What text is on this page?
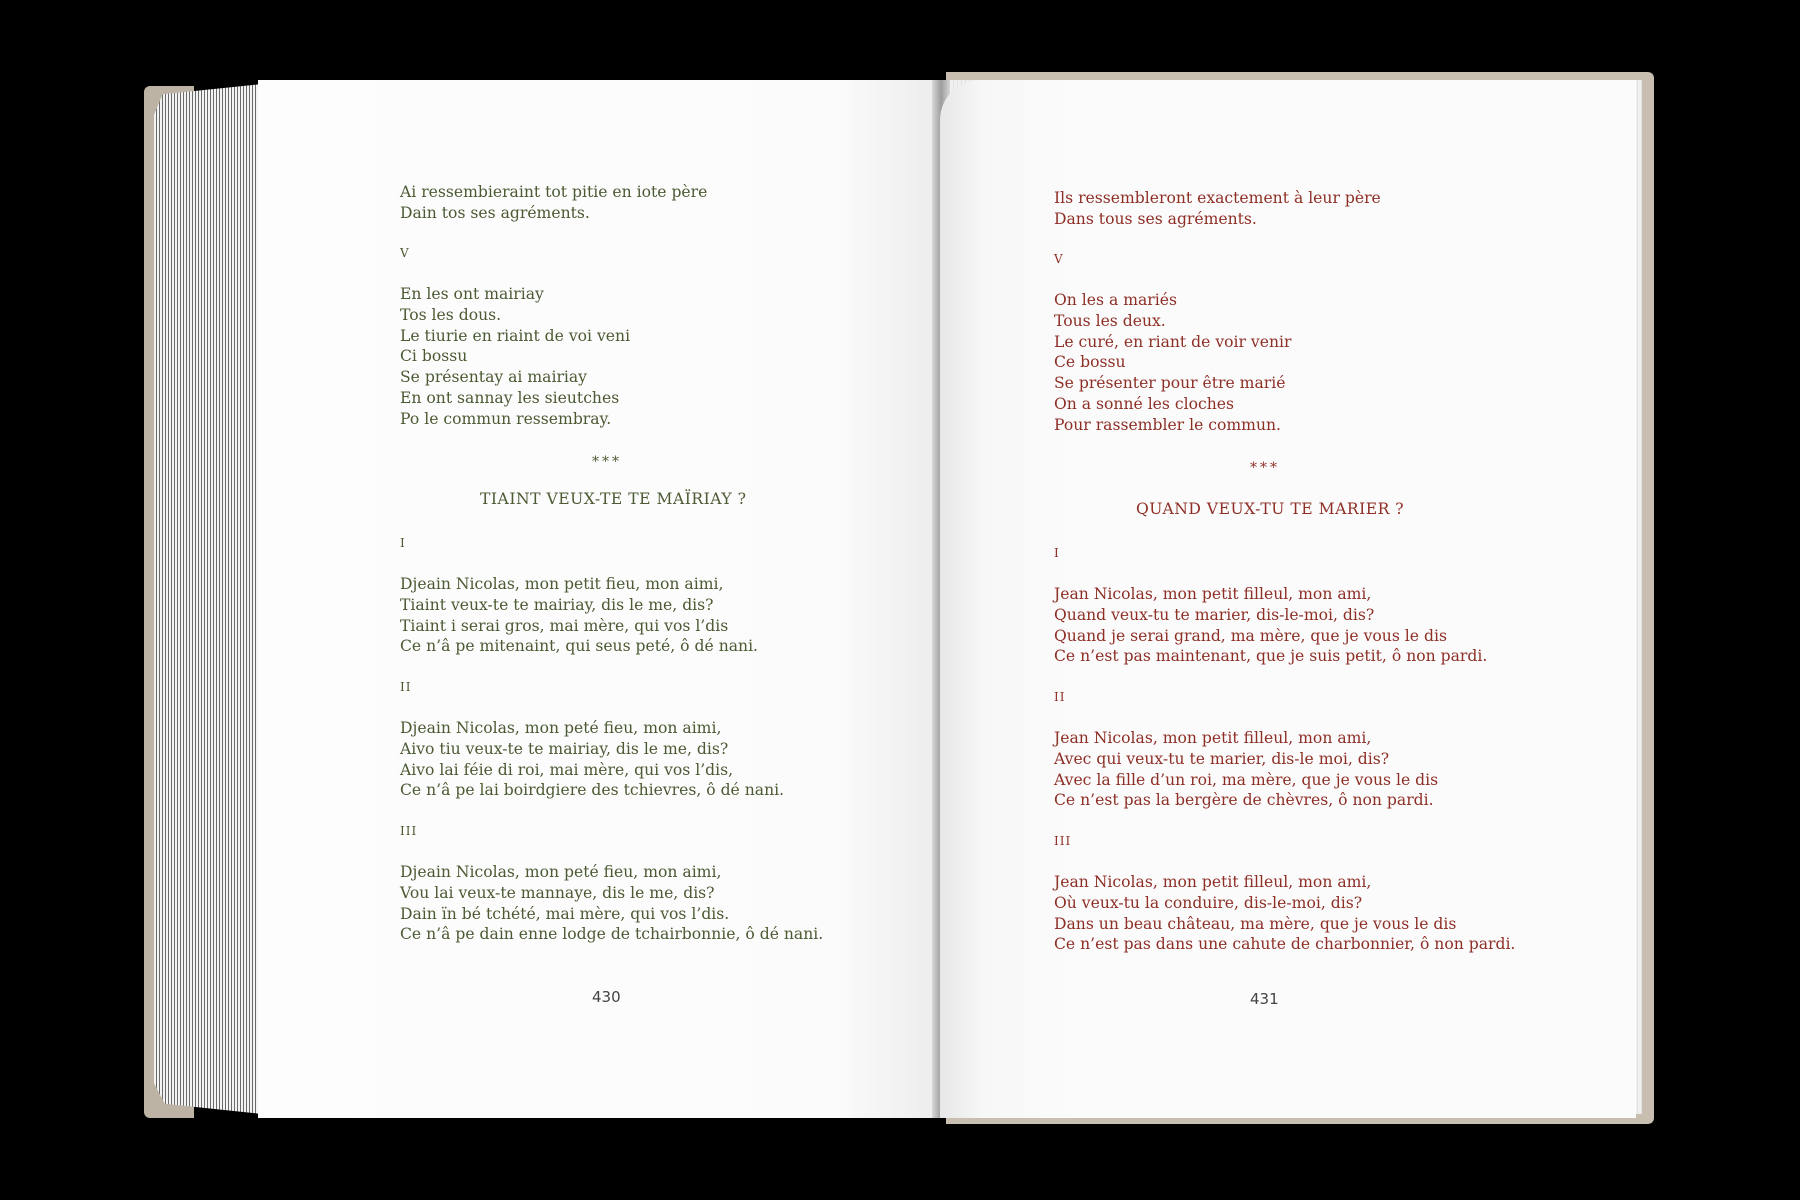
Ai ressembieraint tot pitie en iote père
Dain tos ses agréments.
V
En les ont mairiay
Tos les dous.
Le tiurie en riaint de voi veni
Ci bossu
Se présentay ai mairiay
En ont sannay les sieutches
Po le commun ressembray.
***
TIAINT VEUX-TE TE MAÏRIAY ?
I
Djeain Nicolas, mon petit fieu, mon aimi,
Tiaint veux-te te mairiay, dis le me, dis?
Tiaint i serai gros, mai mère, qui vos l’dis
Ce n’â pe mitenaint, qui seus peté, ô dé nani.
II
Djeain Nicolas, mon peté fieu, mon aimi,
Aivo tiu veux-te te mairiay, dis le me, dis?
Aivo lai féie di roi, mai mère, qui vos l’dis,
Ce n’â pe lai boirdgiere des tchievres, ô dé nani.
III
Djeain Nicolas, mon peté fieu, mon aimi,
Vou lai veux-te mannaye, dis le me, dis?
Dain ïn bé tchété, mai mère, qui vos l’dis.
Ce n’â pe dain enne lodge de tchairbonnie, ô dé nani.
430
Ils ressembleront exactement à leur père
Dans tous ses agréments.
V
On les a mariés
Tous les deux.
Le curé, en riant de voir venir
Ce bossu
Se présenter pour être marié
On a sonné les cloches
Pour rassembler le commun.
***
QUAND VEUX-TU TE MARIER ?
I
Jean Nicolas, mon petit filleul, mon ami,
Quand veux-tu te marier, dis-le-moi, dis?
Quand je serai grand, ma mère, que je vous le dis
Ce n’est pas maintenant, que je suis petit, ô non pardi.
II
Jean Nicolas, mon petit filleul, mon ami,
Avec qui veux-tu te marier, dis-le moi, dis?
Avec la fille d’un roi, ma mère, que je vous le dis
Ce n’est pas la bergère de chèvres, ô non pardi.
III
Jean Nicolas, mon petit filleul, mon ami,
Où veux-tu la conduire, dis-le-moi, dis?
Dans un beau château, ma mère, que je vous le dis
Ce n’est pas dans une cahute de charbonnier, ô non pardi.
431
